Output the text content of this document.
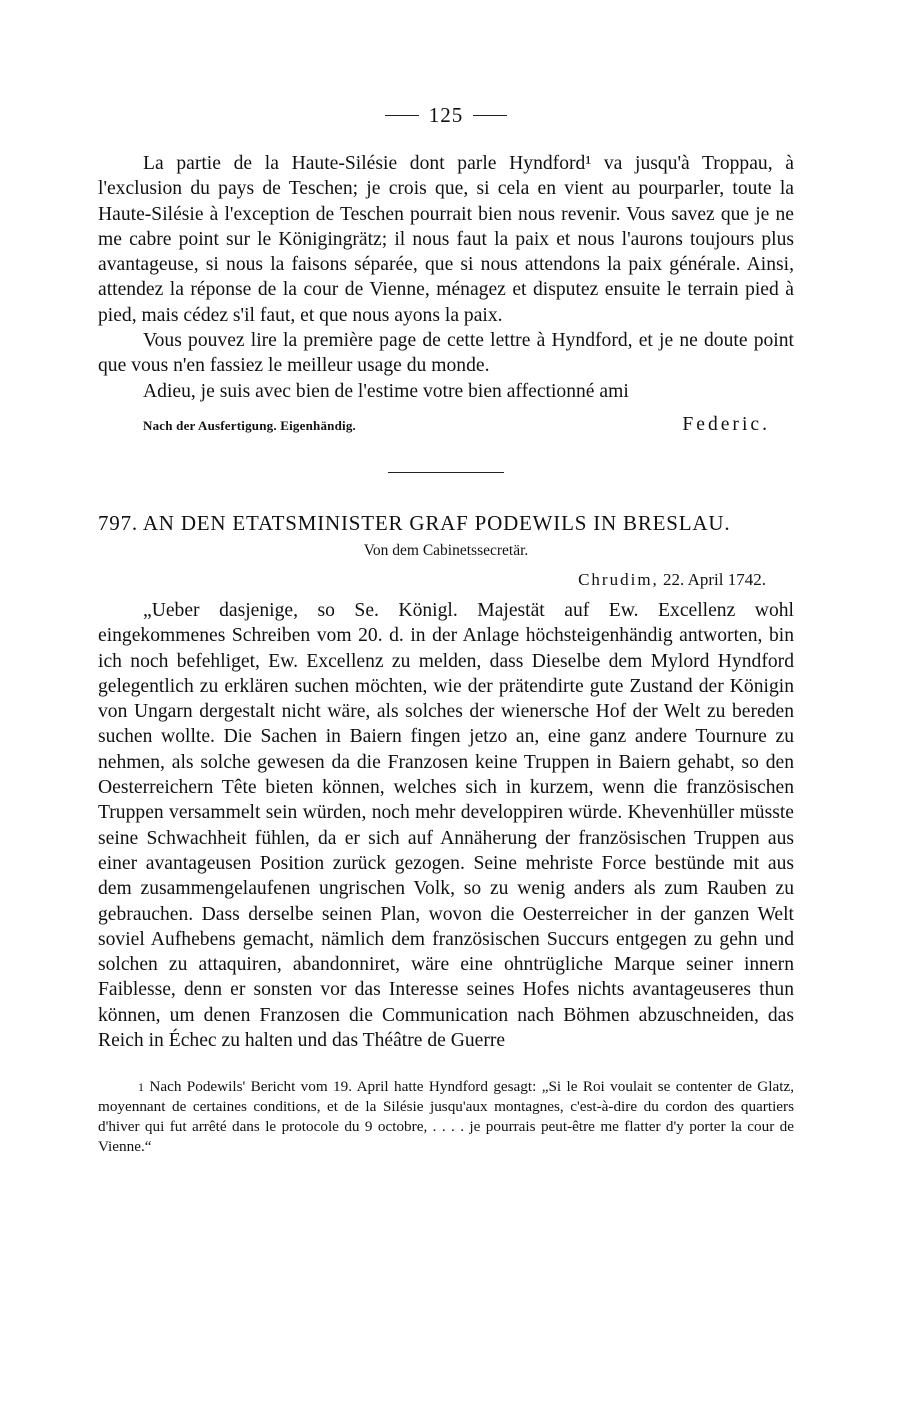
125

La partie de la Haute-Silésie dont parle Hyndford¹ va jusqu'à Troppau, à l'exclusion du pays de Teschen; je crois que, si cela en vient au pourparler, toute la Haute-Silésie à l'exception de Teschen pourrait bien nous revenir. Vous savez que je ne me cabre point sur le Königingrätz; il nous faut la paix et nous l'aurons toujours plus avantageuse, si nous la faisons séparée, que si nous attendons la paix générale. Ainsi, attendez la réponse de la cour de Vienne, ménagez et disputez ensuite le terrain pied à pied, mais cédez s'il faut, et que nous ayons la paix.

Vous pouvez lire la première page de cette lettre à Hyndford, et je ne doute point que vous n'en fassiez le meilleur usage du monde.

Adieu, je suis avec bien de l'estime votre bien affectionné ami

Nach der Ausfertigung. Eigenhändig.	Federic.
797. AN DEN ETATSMINISTER GRAF PODEWILS IN BRESLAU.
Von dem Cabinetssecretär.
Chrudim, 22. April 1742.

„Ueber dasjenige, so Se. Königl. Majestät auf Ew. Excellenz wohl eingekommenes Schreiben vom 20. d. in der Anlage höchsteigenhändig antworten, bin ich noch befehliget, Ew. Excellenz zu melden, dass Dieselbe dem Mylord Hyndford gelegentlich zu erklären suchen möchten, wie der prätendirte gute Zustand der Königin von Ungarn dergestalt nicht wäre, als solches der wienersche Hof der Welt zu bereden suchen wollte. Die Sachen in Baiern fingen jetzo an, eine ganz andere Tournure zu nehmen, als solche gewesen da die Franzosen keine Truppen in Baiern gehabt, so den Oesterreichern Tête bieten können, welches sich in kurzem, wenn die französischen Truppen versammelt sein würden, noch mehr developpiren würde. Khevenhüller müsste seine Schwachheit fühlen, da er sich auf Annäherung der französischen Truppen aus einer avantageusen Position zurück gezogen. Seine mehriste Force bestünde mit aus dem zusammengelaufenen ungrischen Volk, so zu wenig anders als zum Rauben zu gebrauchen. Dass derselbe seinen Plan, wovon die Oesterreicher in der ganzen Welt soviel Aufhebens gemacht, nämlich dem französischen Succurs entgegen zu gehn und solchen zu attaquiren, abandonniret, wäre eine ohntrügliche Marque seiner innern Faiblesse, denn er sonsten vor das Interesse seines Hofes nichts avantageuseres thun können, um denen Franzosen die Communication nach Böhmen abzuschneiden, das Reich in Échec zu halten und das Théâtre de Guerre

1 Nach Podewils' Bericht vom 19. April hatte Hyndford gesagt: „Si le Roi voulait se contenter de Glatz, moyennant de certaines conditions, et de la Silésie jusqu'aux montagnes, c'est-à-dire du cordon des quartiers d'hiver qui fut arrêté dans le protocole du 9 octobre, . . . . je pourrais peut-être me flatter d'y porter la cour de Vienne.“
